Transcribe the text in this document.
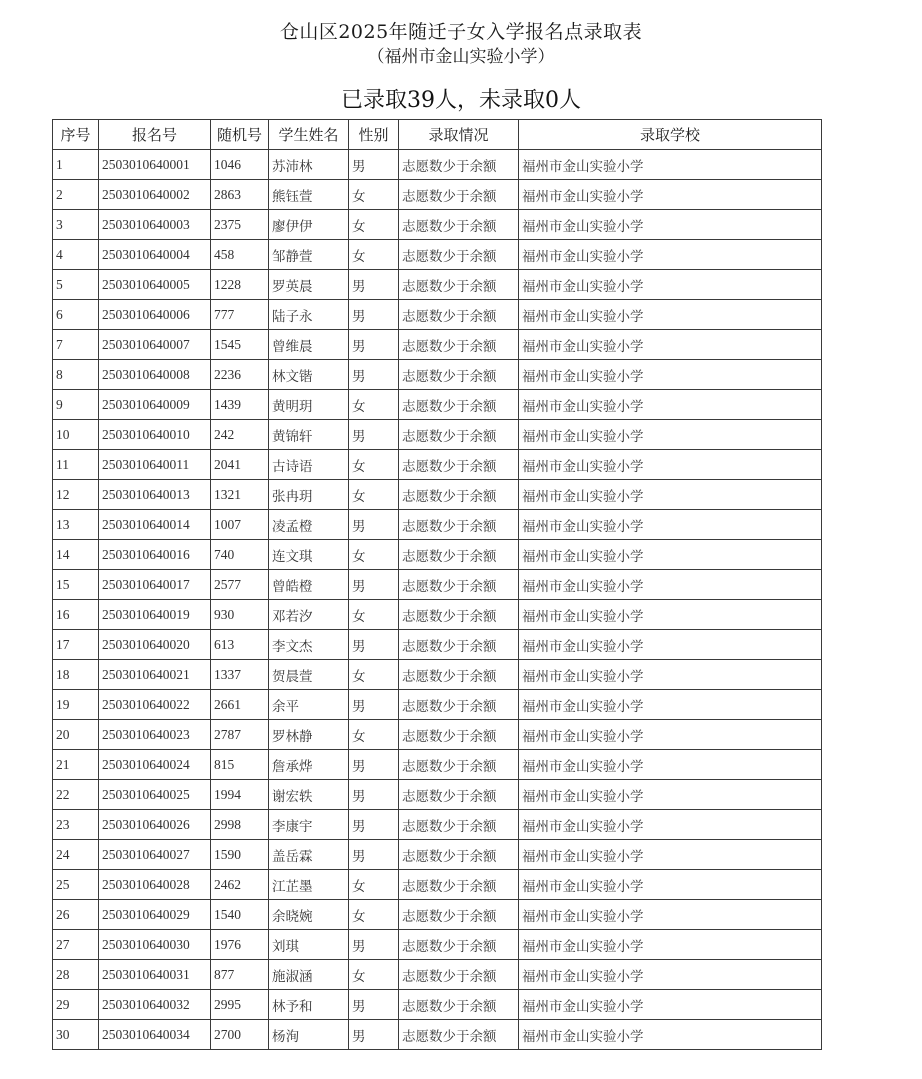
仓山区2025年随迁子女入学报名点录取表
（福州市金山实验小学）
已录取39人，未录取0人
序号	报名号	随机号	学生姓名	性别	录取情况	录取学校
1	2503010640001	1046	苏沛林	男	志愿数少于余额	福州市金山实验小学
2	2503010640002	2863	熊钰萱	女	志愿数少于余额	福州市金山实验小学
3	2503010640003	2375	廖伊伊	女	志愿数少于余额	福州市金山实验小学
4	2503010640004	458	邹静萱	女	志愿数少于余额	福州市金山实验小学
5	2503010640005	1228	罗英晨	男	志愿数少于余额	福州市金山实验小学
6	2503010640006	777	陆子永	男	志愿数少于余额	福州市金山实验小学
7	2503010640007	1545	曾维晨	男	志愿数少于余额	福州市金山实验小学
8	2503010640008	2236	林文锴	男	志愿数少于余额	福州市金山实验小学
9	2503010640009	1439	黄明玥	女	志愿数少于余额	福州市金山实验小学
10	2503010640010	242	黄锦轩	男	志愿数少于余额	福州市金山实验小学
11	2503010640011	2041	古诗语	女	志愿数少于余额	福州市金山实验小学
12	2503010640013	1321	张冉玥	女	志愿数少于余额	福州市金山实验小学
13	2503010640014	1007	凌孟橙	男	志愿数少于余额	福州市金山实验小学
14	2503010640016	740	连文琪	女	志愿数少于余额	福州市金山实验小学
15	2503010640017	2577	曾皓橙	男	志愿数少于余额	福州市金山实验小学
16	2503010640019	930	邓若汐	女	志愿数少于余额	福州市金山实验小学
17	2503010640020	613	李文杰	男	志愿数少于余额	福州市金山实验小学
18	2503010640021	1337	贺晨萱	女	志愿数少于余额	福州市金山实验小学
19	2503010640022	2661	余平	男	志愿数少于余额	福州市金山实验小学
20	2503010640023	2787	罗林静	女	志愿数少于余额	福州市金山实验小学
21	2503010640024	815	詹承烨	男	志愿数少于余额	福州市金山实验小学
22	2503010640025	1994	谢宏轶	男	志愿数少于余额	福州市金山实验小学
23	2503010640026	2998	李康宇	男	志愿数少于余额	福州市金山实验小学
24	2503010640027	1590	盖岳霖	男	志愿数少于余额	福州市金山实验小学
25	2503010640028	2462	江芷墨	女	志愿数少于余额	福州市金山实验小学
26	2503010640029	1540	余晓婉	女	志愿数少于余额	福州市金山实验小学
27	2503010640030	1976	刘琪	男	志愿数少于余额	福州市金山实验小学
28	2503010640031	877	施淑涵	女	志愿数少于余额	福州市金山实验小学
29	2503010640032	2995	林予和	男	志愿数少于余额	福州市金山实验小学
30	2503010640034	2700	杨洵	男	志愿数少于余额	福州市金山实验小学
